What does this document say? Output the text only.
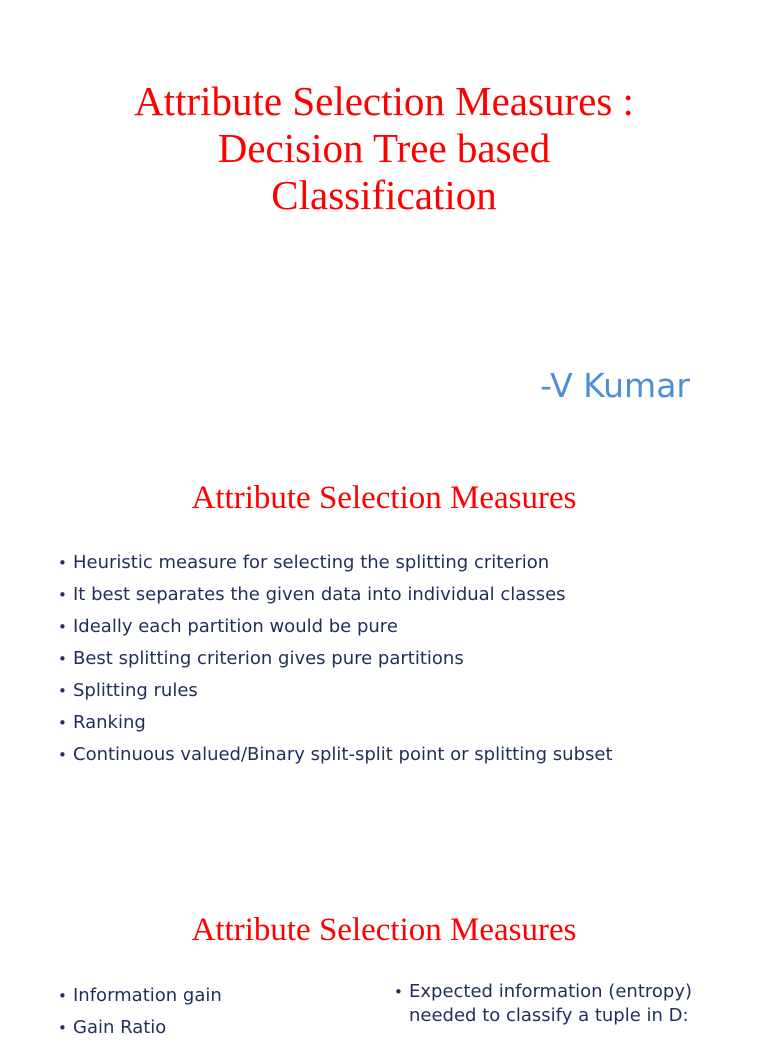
Attribute Selection Measures :
Decision Tree based
Classification

-V Kumar

Attribute Selection Measures
• Heuristic measure for selecting the splitting criterion
• It best separates the given data into individual classes
• Ideally each partition would be pure
• Best splitting criterion gives pure partitions
• Splitting rules
• Ranking
• Continuous valued/Binary split-split point or splitting subset
Attribute Selection Measures
• Information gain
• Gain Ratio
• Expected information (entropy) needed to classify a tuple in D:
